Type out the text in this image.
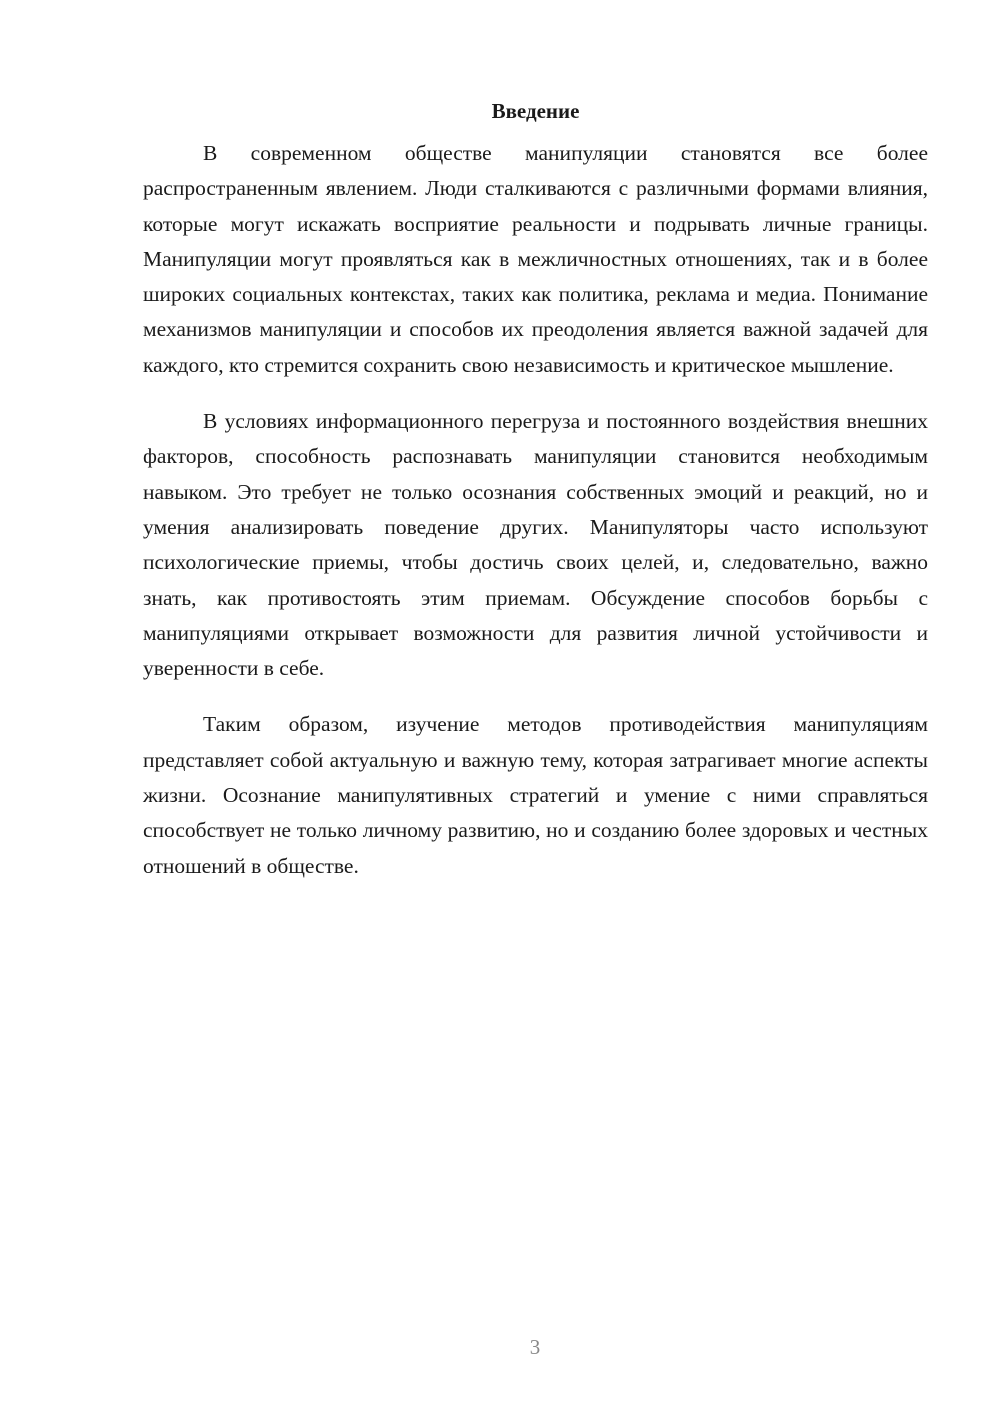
Введение

В современном обществе манипуляции становятся все более распространенным явлением. Люди сталкиваются с различными формами влияния, которые могут искажать восприятие реальности и подрывать личные границы. Манипуляции могут проявляться как в межличностных отношениях, так и в более широких социальных контекстах, таких как политика, реклама и медиа. Понимание механизмов манипуляции и способов их преодоления является важной задачей для каждого, кто стремится сохранить свою независимость и критическое мышление.

В условиях информационного перегруза и постоянного воздействия внешних факторов, способность распознавать манипуляции становится необходимым навыком. Это требует не только осознания собственных эмоций и реакций, но и умения анализировать поведение других. Манипуляторы часто используют психологические приемы, чтобы достичь своих целей, и, следовательно, важно знать, как противостоять этим приемам. Обсуждение способов борьбы с манипуляциями открывает возможности для развития личной устойчивости и уверенности в себе.

Таким образом, изучение методов противодействия манипуляциям представляет собой актуальную и важную тему, которая затрагивает многие аспекты жизни. Осознание манипулятивных стратегий и умение с ними справляться способствует не только личному развитию, но и созданию более здоровых и честных отношений в обществе.

3
